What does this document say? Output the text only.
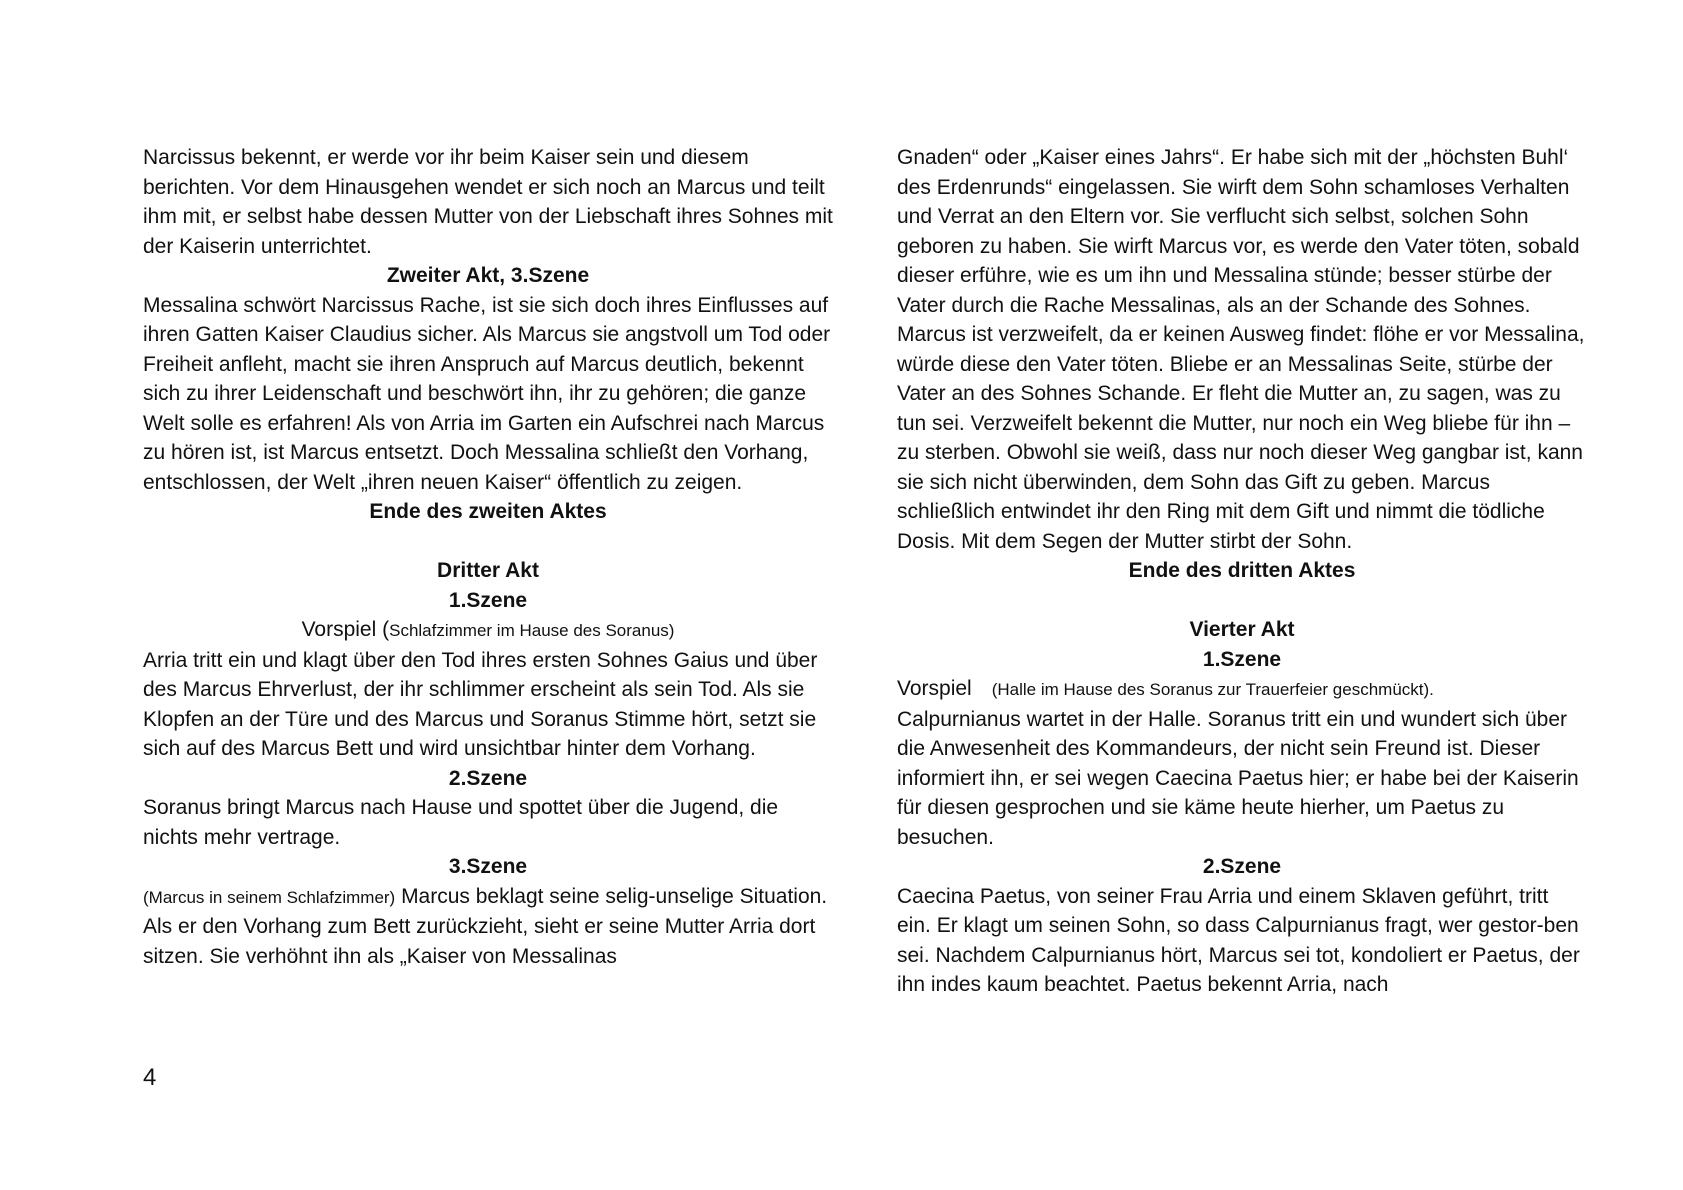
Narcissus bekennt, er werde vor ihr beim Kaiser sein und diesem berichten. Vor dem Hinausgehen wendet er sich noch an Marcus und teilt ihm mit, er selbst habe dessen Mutter von der Liebschaft ihres Sohnes mit der Kaiserin unterrichtet.

Zweiter Akt, 3.Szene

Messalina schwört Narcissus Rache, ist sie sich doch ihres Einflusses auf ihren Gatten Kaiser Claudius sicher. Als Marcus sie angstvoll um Tod oder Freiheit anfleht, macht sie ihren Anspruch auf Marcus deutlich, bekennt sich zu ihrer Leidenschaft und beschwört ihn, ihr zu gehören; die ganze Welt solle es erfahren! Als von Arria im Garten ein Aufschrei nach Marcus zu hören ist, ist Marcus entsetzt. Doch Messalina schließt den Vorhang, entschlossen, der Welt „ihren neuen Kaiser“ öffentlich zu zeigen.

Ende des zweiten Aktes

Dritter Akt

1.Szene

Vorspiel (Schlafzimmer im Hause des Soranus)

Arria tritt ein und klagt über den Tod ihres ersten Sohnes Gaius und über des Marcus Ehrverlust, der ihr schlimmer erscheint als sein Tod. Als sie Klopfen an der Türe und des Marcus und Soranus Stimme hört, setzt sie sich auf des Marcus Bett und wird unsichtbar hinter dem Vorhang.

2.Szene

Soranus bringt Marcus nach Hause und spottet über die Jugend, die nichts mehr vertrage.

3.Szene

(Marcus in seinem Schlafzimmer) Marcus beklagt seine selig-unselige Situation. Als er den Vorhang zum Bett zurückzieht, sieht er seine Mutter Arria dort sitzen. Sie verhöhnt ihn als „Kaiser von Messalinas

Gnaden“ oder „Kaiser eines Jahrs“. Er habe sich mit der „höchsten Buhl‘ des Erdenrunds“ eingelassen. Sie wirft dem Sohn schamloses Verhalten und Verrat an den Eltern vor. Sie verflucht sich selbst, solchen Sohn geboren zu haben. Sie wirft Marcus vor, es werde den Vater töten, sobald dieser erführe, wie es um ihn und Messalina stünde; besser stürbe der Vater durch die Rache Messalinas, als an der Schande des Sohnes. Marcus ist verzweifelt, da er keinen Ausweg findet: flöhe er vor Messalina, würde diese den Vater töten. Bliebe er an Messalinas Seite, stürbe der Vater an des Sohnes Schande. Er fleht die Mutter an, zu sagen, was zu tun sei. Verzweifelt bekennt die Mutter, nur noch ein Weg bliebe für ihn – zu sterben. Obwohl sie weiß, dass nur noch dieser Weg gangbar ist, kann sie sich nicht überwinden, dem Sohn das Gift zu geben. Marcus schließlich entwindet ihr den Ring mit dem Gift und nimmt die tödliche Dosis. Mit dem Segen der Mutter stirbt der Sohn.

Ende des dritten Aktes

Vierter Akt

1.Szene

Vorspiel (Halle im Hause des Soranus zur Trauerfeier geschmückt).

Calpurnianus wartet in der Halle. Soranus tritt ein und wundert sich über die Anwesenheit des Kommandeurs, der nicht sein Freund ist. Dieser informiert ihn, er sei wegen Caecina Paetus hier; er habe bei der Kaiserin für diesen gesprochen und sie käme heute hierher, um Paetus zu besuchen.

2.Szene

Caecina Paetus, von seiner Frau Arria und einem Sklaven geführt, tritt ein. Er klagt um seinen Sohn, so dass Calpurnianus fragt, wer gestor-ben sei. Nachdem Calpurnianus hört, Marcus sei tot, kondoliert er Paetus, der ihn indes kaum beachtet. Paetus bekennt Arria, nach

4
